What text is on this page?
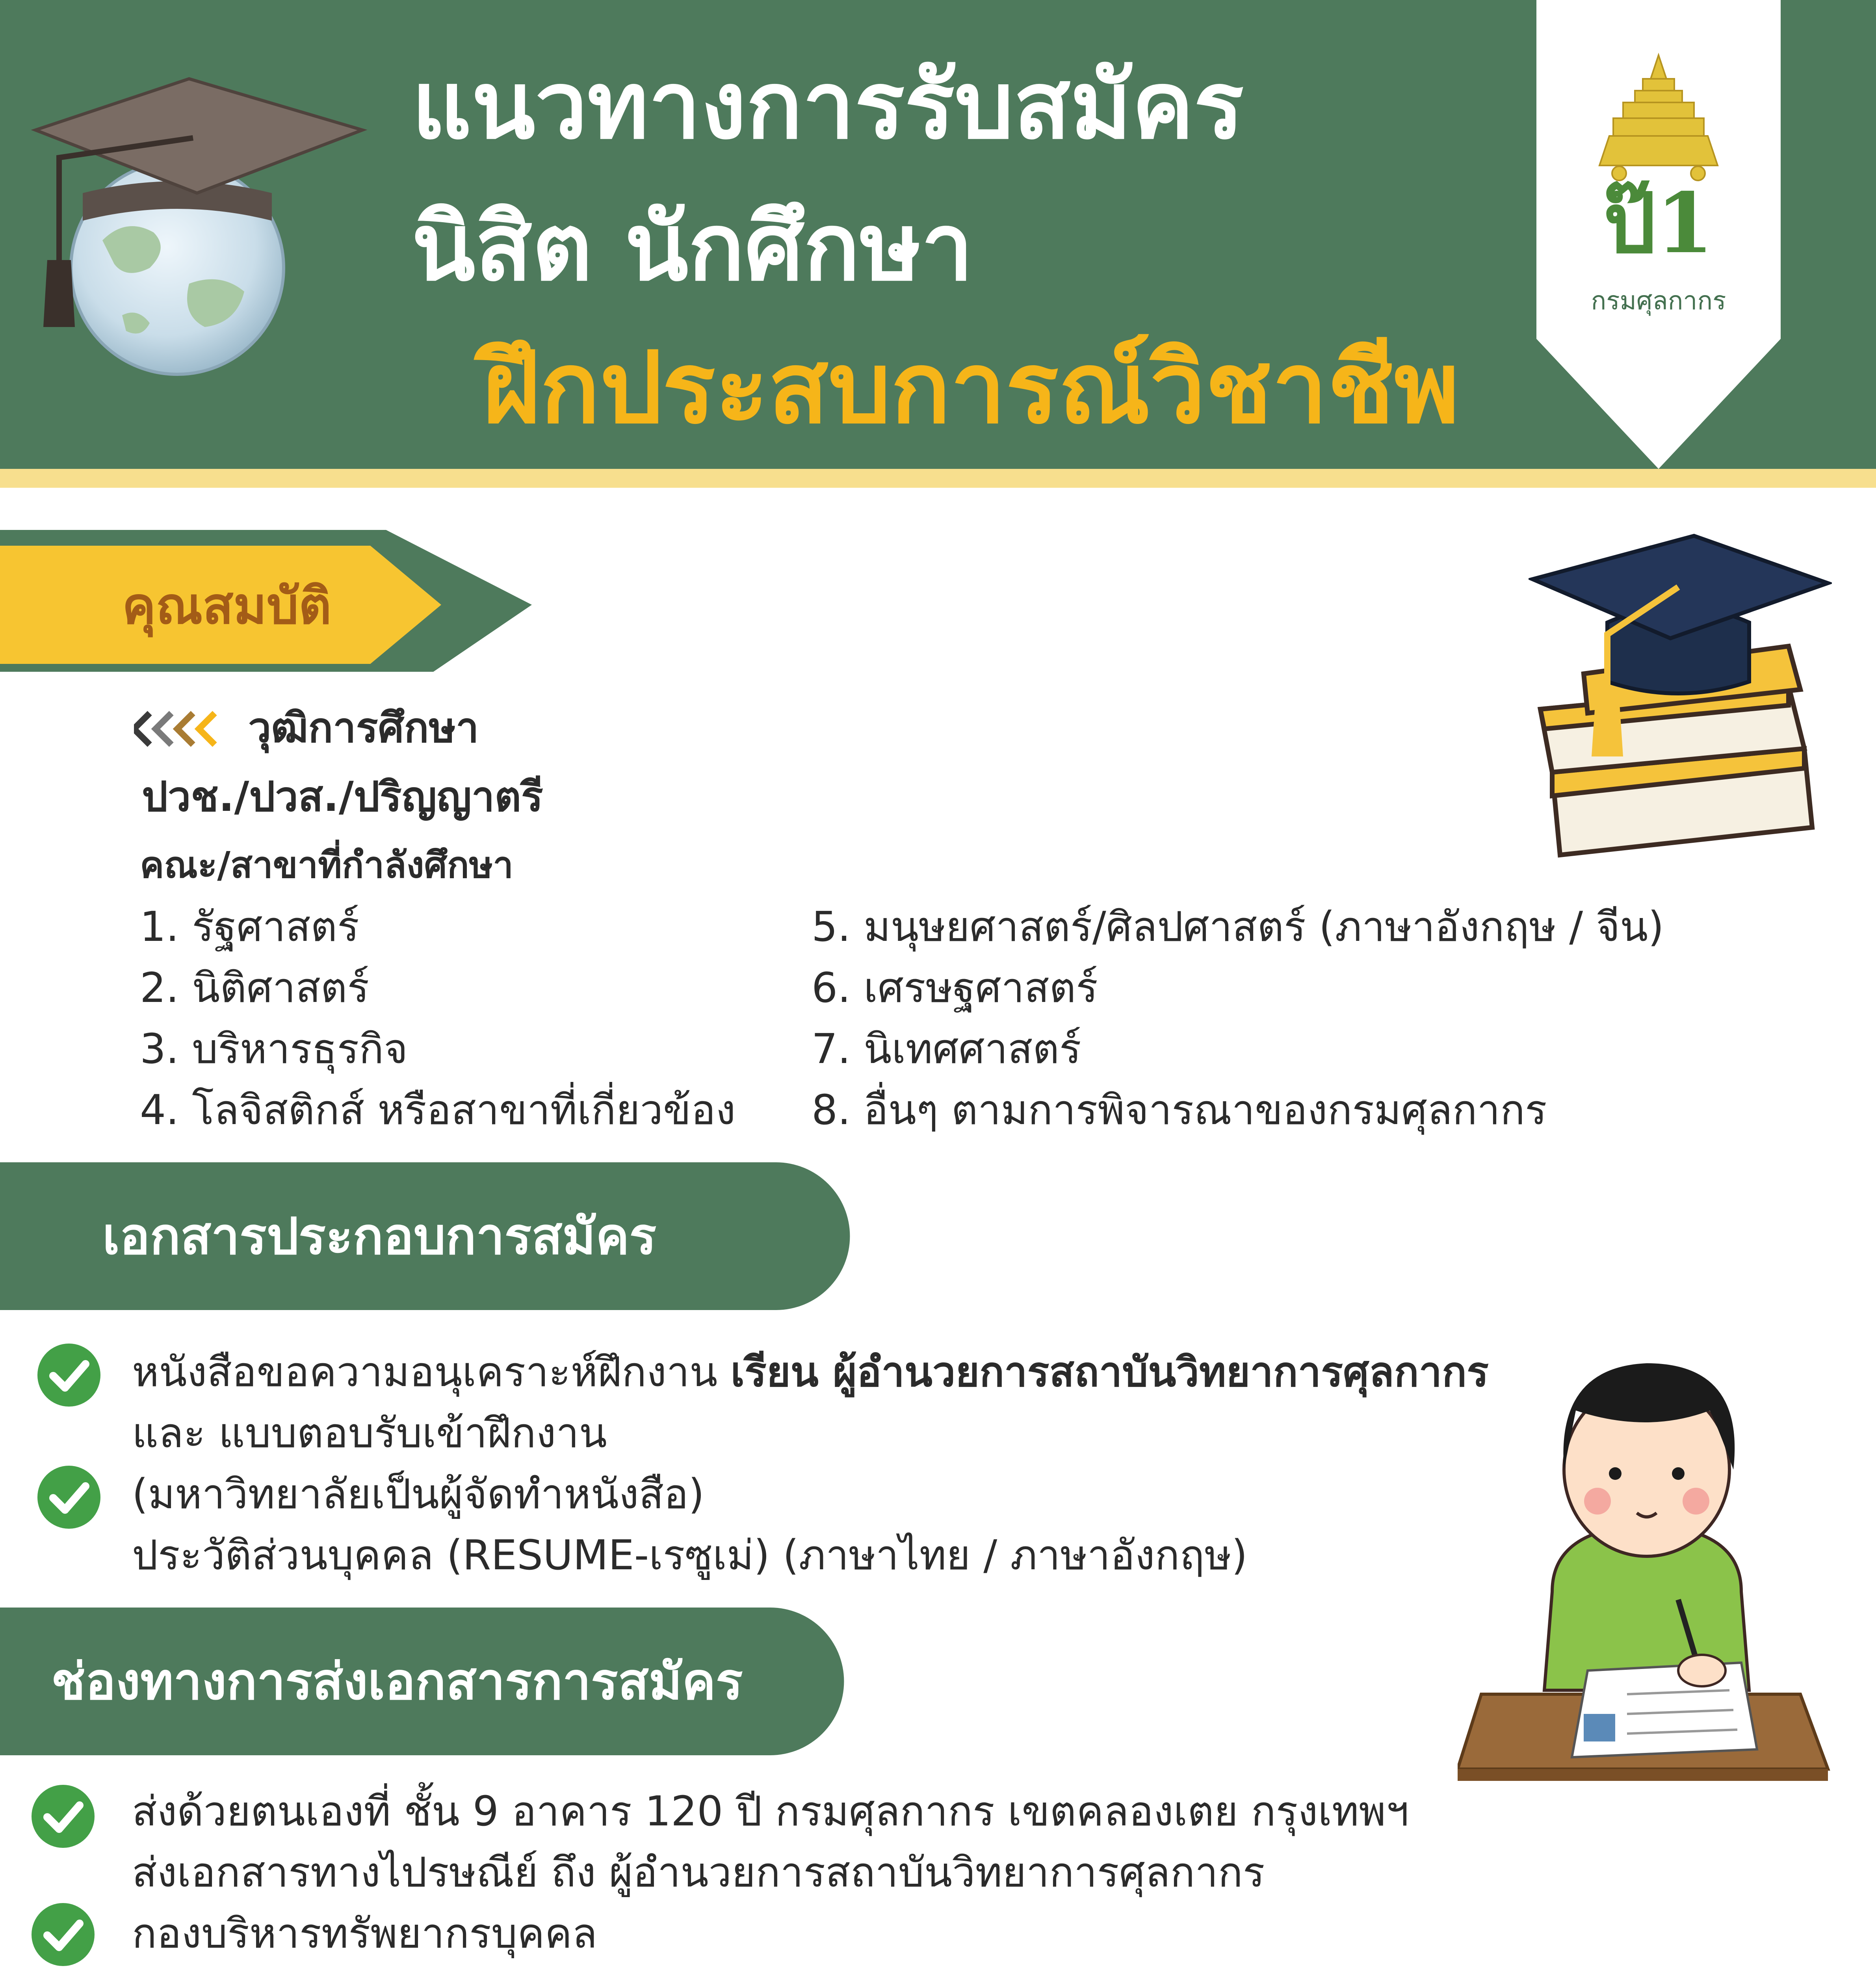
แนวทางการรับสมัคร
นิสิต นักศึกษา
ฝึกประสบการณ์วิชาชีพ
ป๊1
กรมศุลกากร
คุณสมบัติ
วุฒิการศึกษา
ปวช./ปวส./ปริญญาตรี
คณะ/สาขาที่กำลังศึกษา
1. รัฐศาสตร์
2. นิติศาสตร์
3. บริหารธุรกิจ
4. โลจิสติกส์ หรือสาขาที่เกี่ยวข้อง
5. มนุษยศาสตร์/ศิลปศาสตร์ (ภาษาอังกฤษ / จีน)
6. เศรษฐศาสตร์
7. นิเทศศาสตร์
8. อื่นๆ ตามการพิจารณาของกรมศุลกากร
เอกสารประกอบการสมัคร
หนังสือขอความอนุเคราะห์ฝึกงาน เรียน ผู้อำนวยการสถาบันวิทยาการศุลกากร
และ แบบตอบรับเข้าฝึกงาน
(มหาวิทยาลัยเป็นผู้จัดทำหนังสือ)
ประวัติส่วนบุคคล (RESUME-เรซูเม่) (ภาษาไทย / ภาษาอังกฤษ)
ช่องทางการส่งเอกสารการสมัคร
ส่งด้วยตนเองที่ ชั้น 9 อาคาร 120 ปี กรมศุลกากร เขตคลองเตย กรุงเทพฯ
ส่งเอกสารทางไปรษณีย์ ถึง ผู้อำนวยการสถาบันวิทยาการศุลกากร
กองบริหารทรัพยากรบุคคล
